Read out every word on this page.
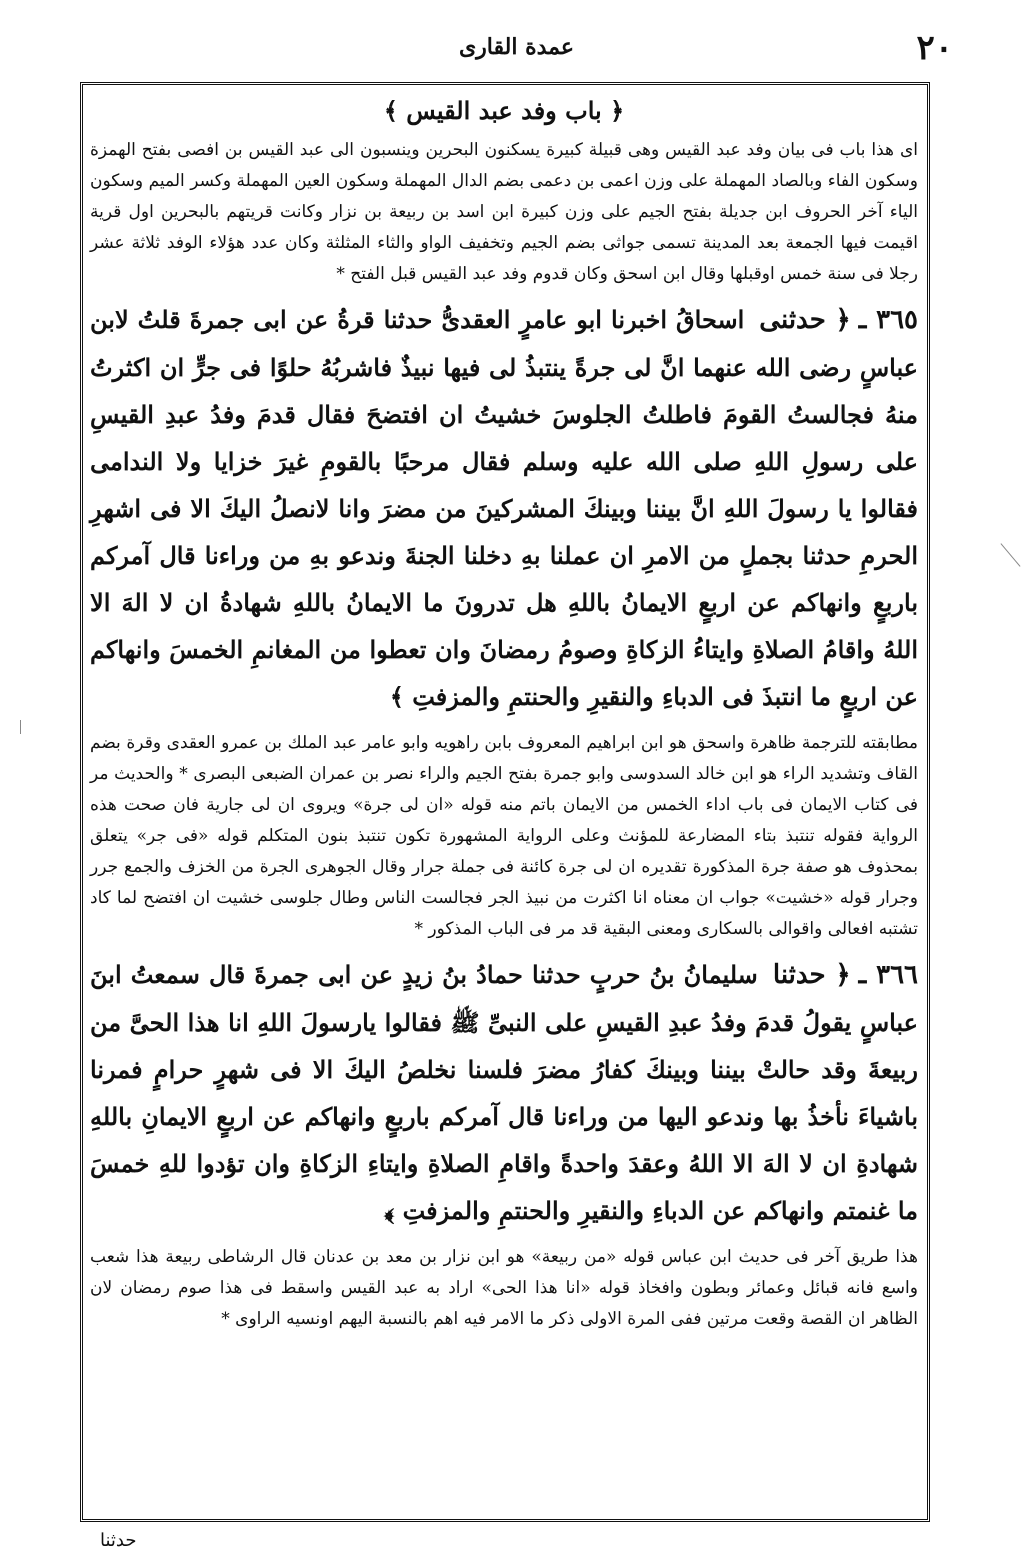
٢٠
عمدة القارى
﴿ باب وفد عبد القيس ﴾

اى هذا باب فى بيان وفد عبد القيس وهى قبيلة كبيرة يسكنون البحرين وينسبون الى عبد القيس بن افصى بفتح الهمزة وسكون الفاء وبالصاد المهملة على وزن اعمى بن دعمى بضم الدال المهملة وسكون العين المهملة وكسر الميم وسكون الياء آخر الحروف ابن جديلة بفتح الجيم على وزن كبيرة ابن اسد بن ربيعة بن نزار وكانت قريتهم بالبحرين اول قرية اقيمت فيها الجمعة بعد المدينة تسمى جواثى بضم الجيم وتخفيف الواو والثاء المثلثة وكان عدد هؤلاء الوفد ثلاثة عشر رجلا فى سنة خمس اوقبلها وقال ابن اسحق وكان قدوم وفد عبد القيس قبل الفتح *

٣٦٥ ـ﴿ حدثنى اسحاقُ اخبرنا ابو عامرٍ العقدىُّ حدثنا قرةُ عن ابى جمرةَ قلتُ لابن عباسٍ رضى الله عنهما انَّ لى جرةً ينتبذُ لى فيها نبيذٌ فاشربُهُ حلوًا فى جرٍّ ان اكثرتُ منهُ فجالستُ القومَ فاطلتُ الجلوسَ خشيتُ ان افتضحَ فقال قدمَ وفدُ عبدِ القيسِ على رسولِ اللهِ صلى الله عليه وسلم فقال مرحبًا بالقومِ غيرَ خزايا ولا الندامى فقالوا يا رسولَ اللهِ انَّ بيننا وبينكَ المشركينَ من مضرَ وانا لانصلُ اليكَ الا فى اشهرِ الحرمِ حدثنا بجملٍ من الامرِ ان عملنا بهِ دخلنا الجنةَ وندعو بهِ من وراءنا قال آمركم باربعٍ وانهاكم عن اربعٍ الايمانُ باللهِ هل تدرونَ ما الايمانُ باللهِ شهادةُ ان لا الهَ الا اللهُ واقامُ الصلاةِ وايتاءُ الزكاةِ وصومُ رمضانَ وان تعطوا من المغانمِ الخمسَ وانهاكم عن اربعٍ ما انتبذَ فى الدباءِ والنقيرِ والحنتمِ والمزفتِ ﴾

مطابقته للترجمة ظاهرة واسحق هو ابن ابراهيم المعروف بابن راهويه وابو عامر عبد الملك بن عمرو العقدى وقرة بضم القاف وتشديد الراء هو ابن خالد السدوسى وابو جمرة بفتح الجيم والراء نصر بن عمران الضبعى البصرى * والحديث مر فى كتاب الايمان فى باب اداء الخمس من الايمان باتم منه قوله «ان لى جرة» ويروى ان لى جارية فان صحت هذه الرواية فقوله تنتبذ بتاء المضارعة للمؤنث وعلى الرواية المشهورة تكون تنتبذ بنون المتكلم قوله «فى جر» يتعلق بمحذوف هو صفة جرة المذكورة تقديره ان لى جرة كائنة فى جملة جرار وقال الجوهرى الجرة من الخزف والجمع جرر وجرار قوله «خشيت» جواب ان معناه انا اكثرت من نبيذ الجر فجالست الناس وطال جلوسى خشيت ان افتضح لما كاد تشتبه افعالى واقوالى بالسكارى ومعنى البقية قد مر فى الباب المذكور *

٣٦٦ ـ﴿ حدثنا سليمانُ بنُ حربٍ حدثنا حمادُ بنُ زيدٍ عن ابى جمرةَ قال سمعتُ ابنَ عباسٍ يقولُ قدمَ وفدُ عبدِ القيسِ على النبىِّ ﷺ فقالوا يارسولَ اللهِ انا هذا الحىَّ من ربيعةَ وقد حالتْ بيننا وبينكَ كفارُ مضرَ فلسنا نخلصُ اليكَ الا فى شهرٍ حرامٍ فمرنا باشياءَ نأخذُ بها وندعو اليها من وراءنا قال آمركم باربعٍ وانهاكم عن اربعٍ الايمانِ باللهِ شهادةِ ان لا الهَ الا اللهُ وعقدَ واحدةً واقامِ الصلاةِ وايتاءِ الزكاةِ وان تؤدوا للهِ خمسَ ما غنمتم وانهاكم عن الدباءِ والنقيرِ والحنتمِ والمزفتِ ﴾

هذا طريق آخر فى حديث ابن عباس قوله «من ربيعة» هو ابن نزار بن معد بن عدنان قال الرشاطى ربيعة هذا شعب واسع فانه قبائل وعمائر وبطون وافخاذ قوله «انا هذا الحى» اراد به عبد القيس واسقط فى هذا صوم رمضان لان الظاهر ان القصة وقعت مرتين ففى المرة الاولى ذكر ما الامر فيه اهم بالنسبة اليهم اونسيه الراوى *

حدثنا
